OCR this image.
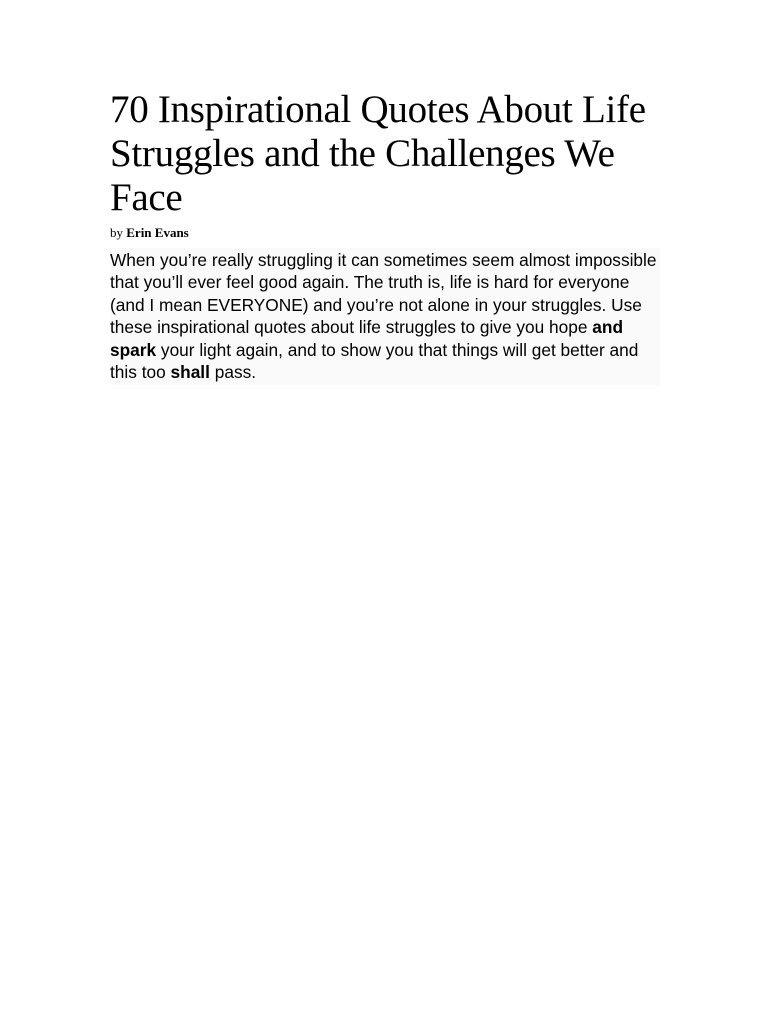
70 Inspirational Quotes About Life Struggles and the Challenges We Face
by Erin Evans

When you’re really struggling it can sometimes seem almost impossible that you’ll ever feel good again. The truth is, life is hard for everyone (and I mean EVERYONE) and you’re not alone in your struggles. Use these inspirational quotes about life struggles to give you hope and spark your light again, and to show you that things will get better and this too shall pass.
